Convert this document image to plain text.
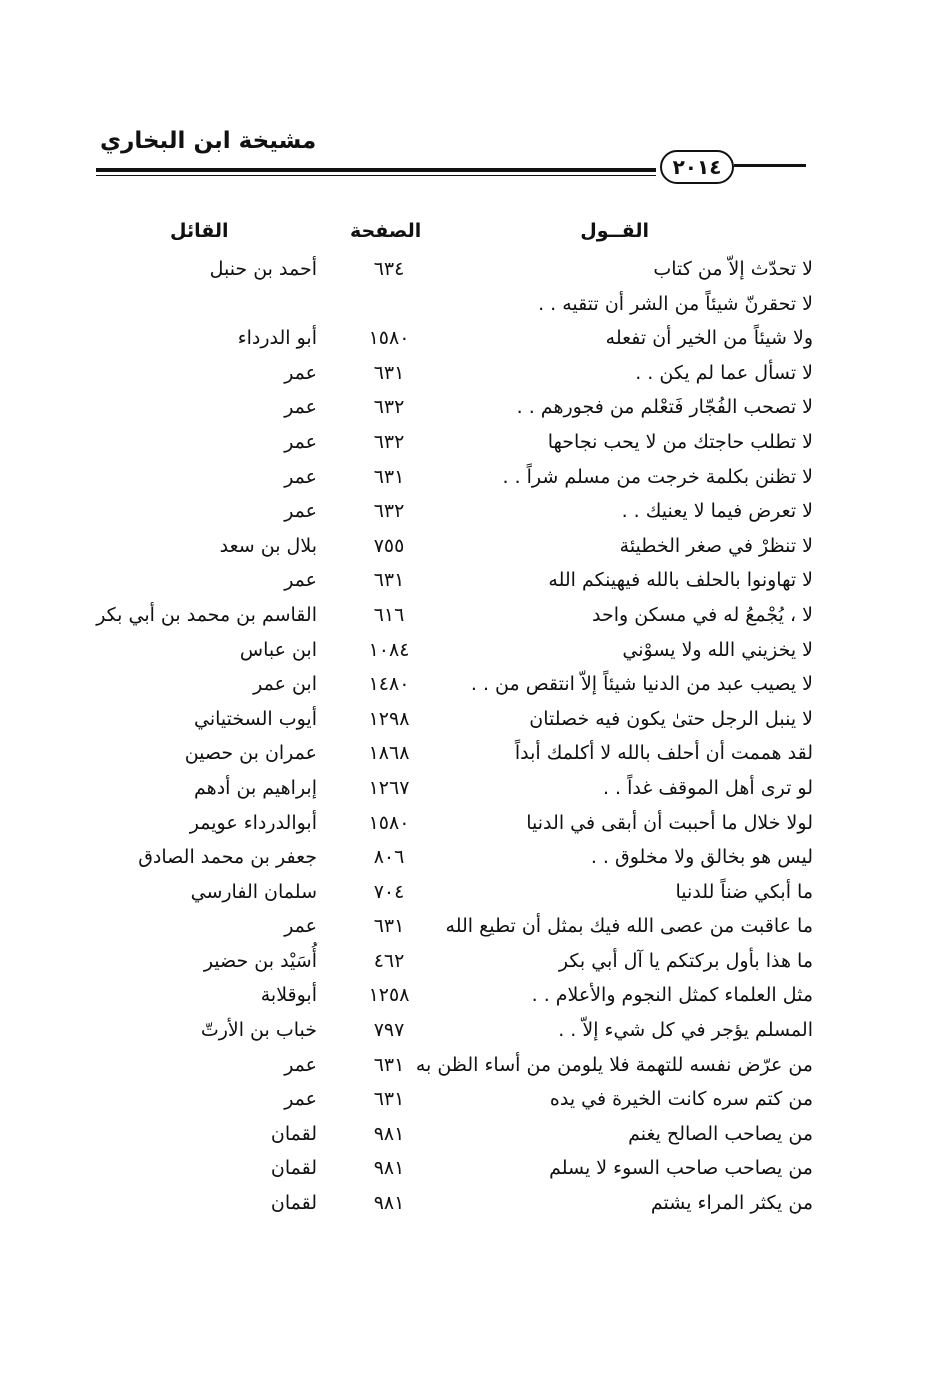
مشيخة ابن البخاري
٢٠١٤
القــول
الصفحة
القائل
لا تحدّث إلاّ من كتاب
٦٣٤
أحمد بن حنبل
لا تحقرنّ شيئاً من الشر أن تتقيه . .
ولا شيئاً من الخير أن تفعله
١٥٨٠
أبو الدرداء
لا تسأل عما لم يكن . .
٦٣١
عمر
لا تصحب الفُجّار فَتعْلم من فجورهم . .
٦٣٢
عمر
لا تطلب حاجتك من لا يحب نجاحها
٦٣٢
عمر
لا تظنن بكلمة خرجت من مسلم شراً . .
٦٣١
عمر
لا تعرض فيما لا يعنيك . .
٦٣٢
عمر
لا تنظرْ في صغر الخطيئة
٧٥٥
بلال بن سعد
لا تهاونوا بالحلف بالله فيهينكم الله
٦٣١
عمر
لا ، يُجْمعُ له في مسكن واحد
٦١٦
القاسم بن محمد بن أبي بكر
لا يخزيني الله ولا يسوْني
١٠٨٤
ابن عباس
لا يصيب عبد من الدنيا شيئاً إلاّ انتقص من . .
١٤٨٠
ابن عمر
لا ينبل الرجل حتىٰ يكون فيه خصلتان
١٢٩٨
أيوب السختياني
لقد هممت أن أحلف بالله لا أكلمك أبداً
١٨٦٨
عمران بن حصين
لو ترى أهل الموقف غداً . .
١٢٦٧
إبراهيم بن أدهم
لولا خلال ما أحببت أن أبقى في الدنيا
١٥٨٠
أبوالدرداء عويمر
ليس هو بخالق ولا مخلوق . .
٨٠٦
جعفر بن محمد الصادق
ما أبكي ضناً للدنيا
٧٠٤
سلمان الفارسي
ما عاقبت من عصى الله فيك بمثل أن تطيع الله
٦٣١
عمر
ما هذا بأول بركتكم يا آل أبي بكر
٤٦٢
أُسَيْد بن حضير
مثل العلماء كمثل النجوم والأعلام . .
١٢٥٨
أبوقلابة
المسلم يؤجر في كل شيء إلاّ . .
٧٩٧
خباب بن الأرتّ
من عرّض نفسه للتهمة فلا يلومن من أساء الظن به
٦٣١
عمر
من كتم سره كانت الخيرة في يده
٦٣١
عمر
من يصاحب الصالح يغنم
٩٨١
لقمان
من يصاحب صاحب السوء لا يسلم
٩٨١
لقمان
من يكثر المراء يشتم
٩٨١
لقمان
